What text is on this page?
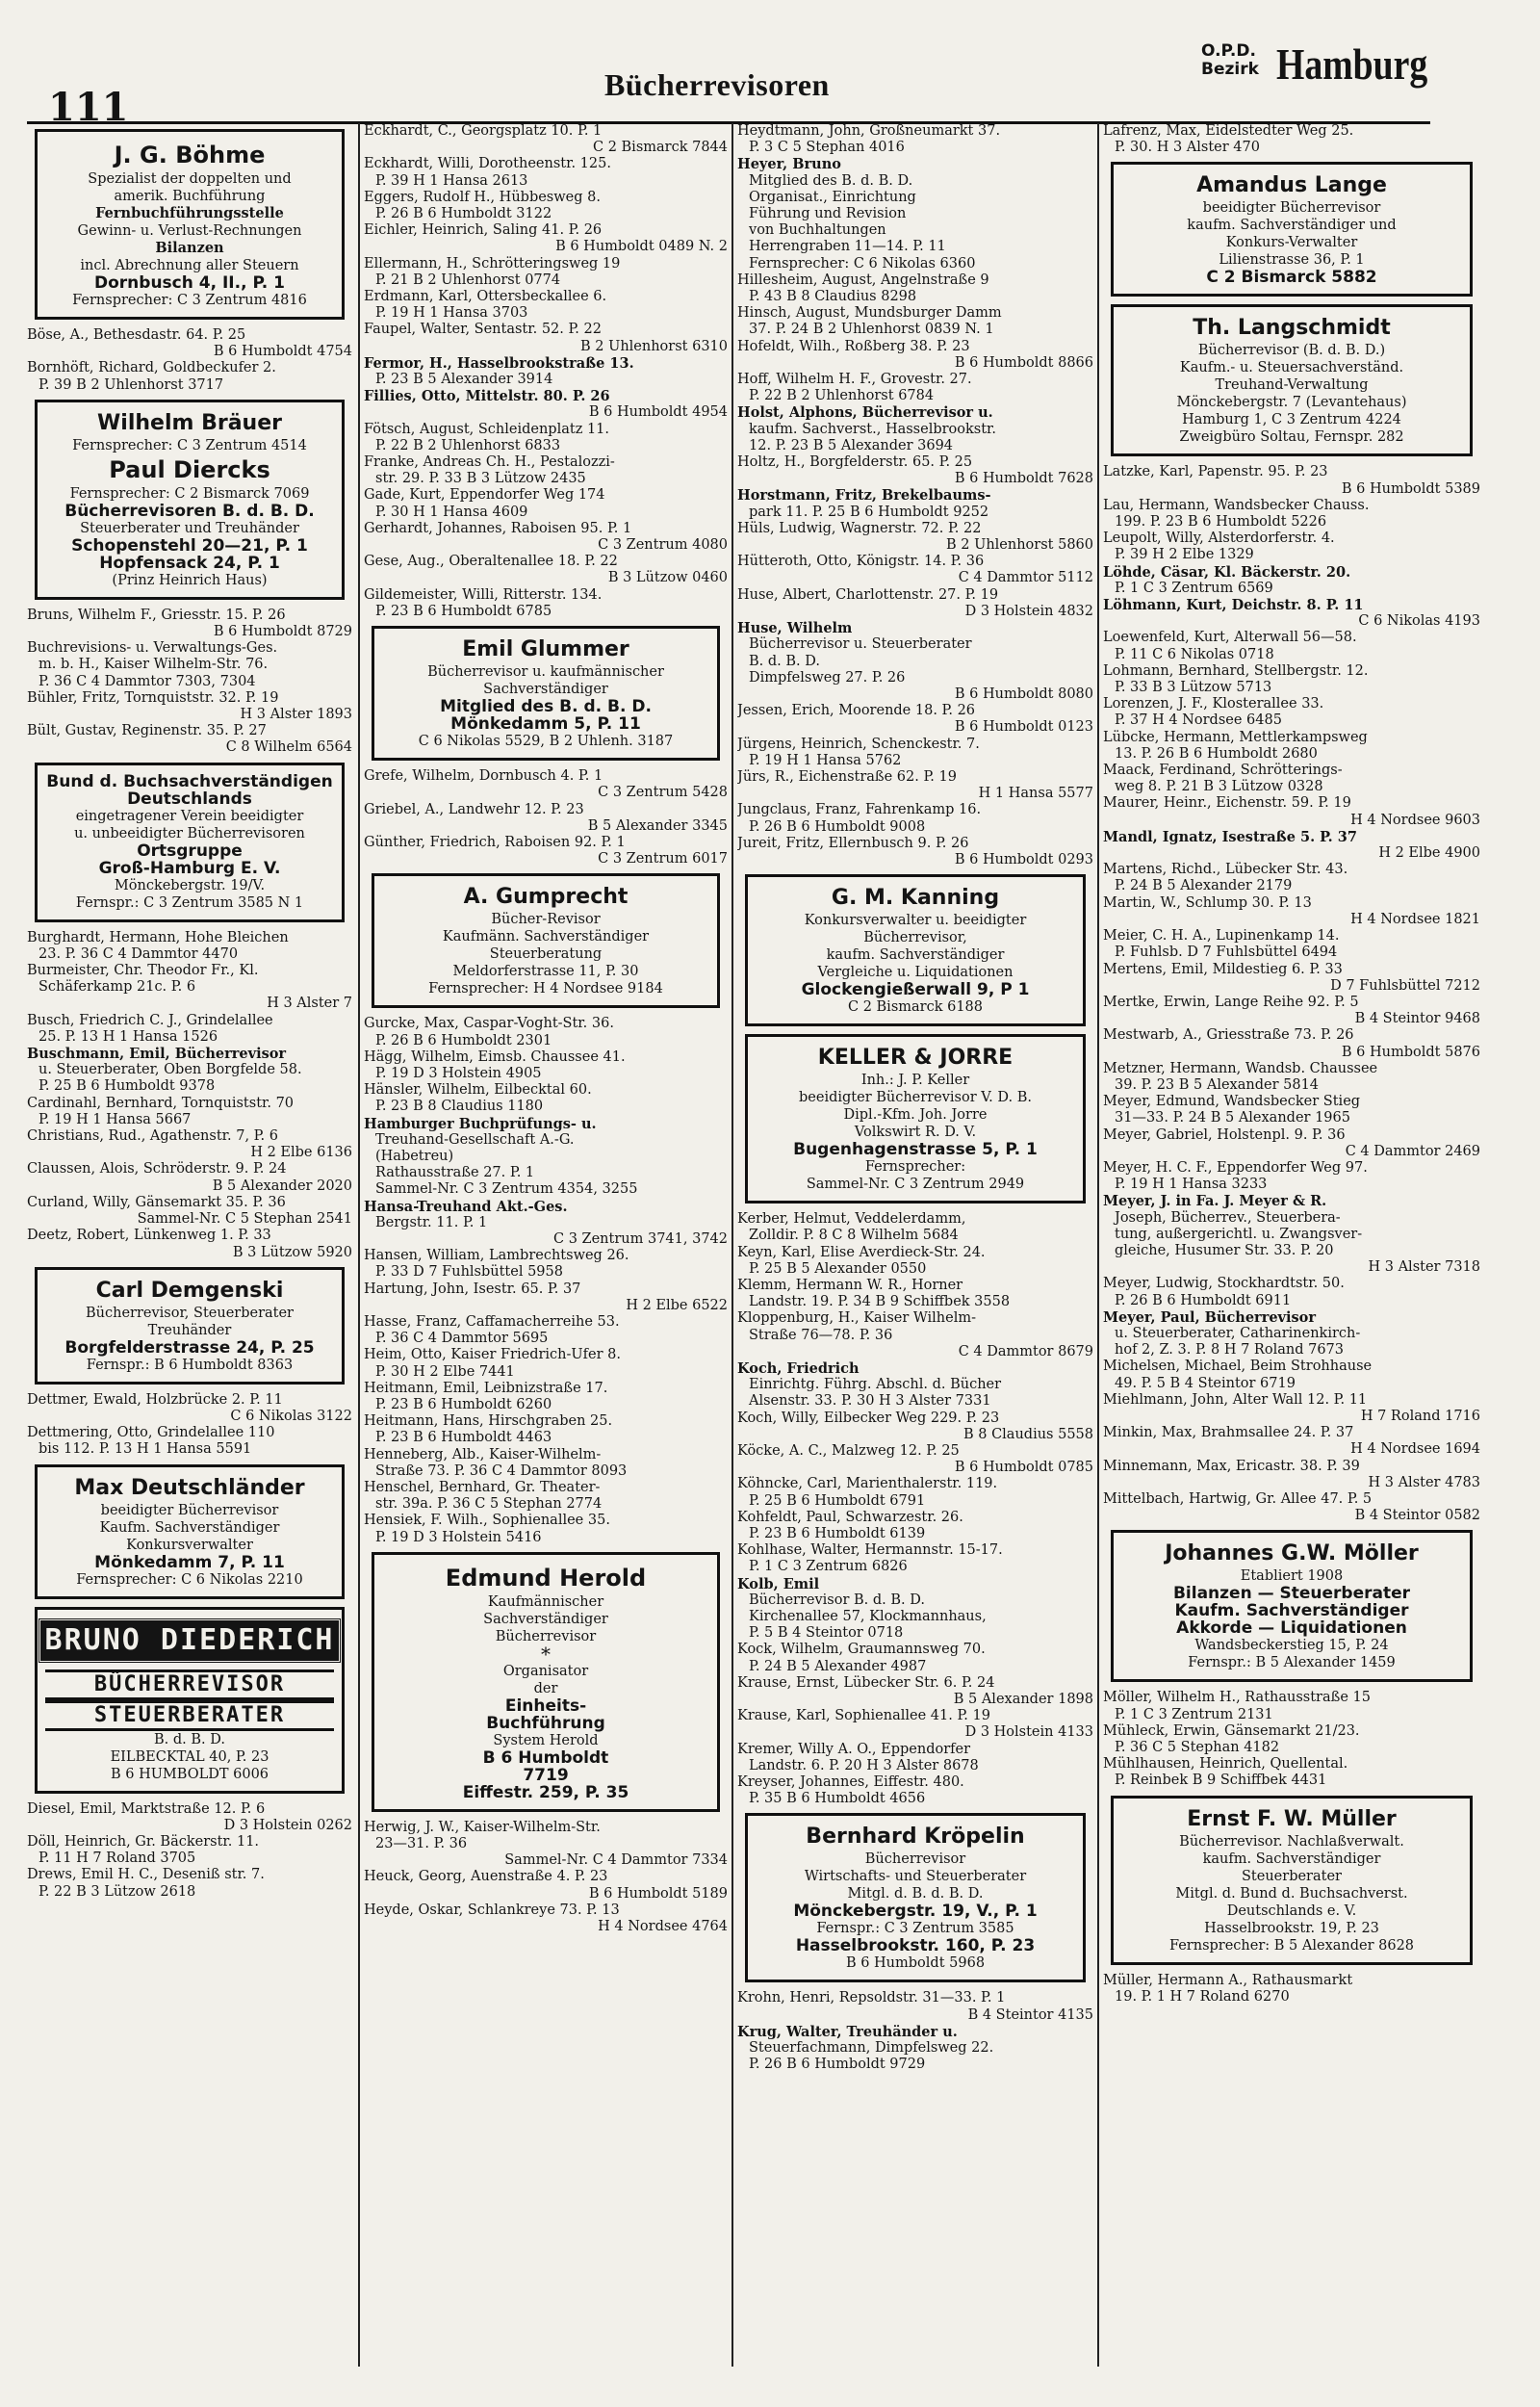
111	Bücherrevisoren
O.P.D.
Bezirk Hamburg
J. G. Böhme
Spezialist der doppelten und
amerik. Buchführung
Fernbuchführungsstelle
Gewinn- u. Verlust-Rechnungen
Bilanzen
incl. Abrechnung aller Steuern
Dornbusch 4, II., P. 1
Fernsprecher: C 3 Zentrum 4816
Böse, A., Bethesdastr. 64. P. 25
B 6 Humboldt 4754
Bornhöft, Richard, Goldbeckufer 2.
P. 39 B 2 Uhlenhorst 3717
Wilhelm Bräuer
Fernsprecher: C 3 Zentrum 4514
Paul Diercks
Fernsprecher: C 2 Bismarck 7069
Bücherrevisoren B. d. B. D.
Steuerberater und Treuhänder
Schopenstehl 20—21, P. 1
Hopfensack 24, P. 1
(Prinz Heinrich Haus)
Bruns, Wilhelm F., Griesstr. 15. P. 26
B 6 Humboldt 8729
Buchrevisions- u. Verwaltungs-Ges.
m. b. H., Kaiser Wilhelm-Str. 76.
P. 36 C 4 Dammtor 7303, 7304
Bühler, Fritz, Tornquiststr. 32. P. 19
H 3 Alster 1893
Bült, Gustav, Reginenstr. 35. P. 27
C 8 Wilhelm 6564
Bund d. Buchsachverständigen
Deutschlands
eingetragener Verein beeidigter
u. unbeeidigter Bücherrevisoren
Ortsgruppe
Groß-Hamburg E. V.
Mönckebergstr. 19/V.
Fernspr.: C 3 Zentrum 3585 N 1
Burghardt, Hermann, Hohe Bleichen
23. P. 36 C 4 Dammtor 4470
Burmeister, Chr. Theodor Fr., Kl.
Schäferkamp 21c. P. 6
H 3 Alster 7
Busch, Friedrich C. J., Grindelallee
25. P. 13 H 1 Hansa 1526
Buschmann, Emil, Bücherrevisor
u. Steuerberater, Oben Borgfelde 58.
P. 25 B 6 Humboldt 9378
Cardinahl, Bernhard, Tornquiststr. 70
P. 19 H 1 Hansa 5667
Christians, Rud., Agathenstr. 7, P. 6
H 2 Elbe 6136
Claussen, Alois, Schröderstr. 9. P. 24
B 5 Alexander 2020
Curland, Willy, Gänsemarkt 35. P. 36
Sammel-Nr. C 5 Stephan 2541
Deetz, Robert, Lünkenweg 1. P. 33
B 3 Lützow 5920
Carl Demgenski
Bücherrevisor, Steuerberater
Treuhänder
Borgfelderstrasse 24, P. 25
Fernspr.: B 6 Humboldt 8363
Dettmer, Ewald, Holzbrücke 2. P. 11
C 6 Nikolas 3122
Dettmering, Otto, Grindelallee 110
bis 112. P. 13 H 1 Hansa 5591
Max Deutschländer
beeidigter Bücherrevisor
Kaufm. Sachverständiger
Konkursverwalter
Mönkedamm 7, P. 11
Fernsprecher: C 6 Nikolas 2210
BRUNO DIEDERICH
BÜCHERREVISOR
STEUERBERATER
B. d. B. D.
EILBECKTAL 40, P. 23
B 6 HUMBOLDT 6006
Diesel, Emil, Marktstraße 12. P. 6
D 3 Holstein 0262
Döll, Heinrich, Gr. Bäckerstr. 11.
P. 11 H 7 Roland 3705
Drews, Emil H. C., Deseniß str. 7.
P. 22 B 3 Lützow 2618
Eckhardt, C., Georgsplatz 10. P. 1
C 2 Bismarck 7844
Eckhardt, Willi, Dorotheenstr. 125.
P. 39 H 1 Hansa 2613
Eggers, Rudolf H., Hübbesweg 8.
P. 26 B 6 Humboldt 3122
Eichler, Heinrich, Saling 41. P. 26
B 6 Humboldt 0489 N. 2
Ellermann, H., Schrötteringsweg 19
P. 21 B 2 Uhlenhorst 0774
Erdmann, Karl, Ottersbeckallee 6.
P. 19 H 1 Hansa 3703
Faupel, Walter, Sentastr. 52. P. 22
B 2 Uhlenhorst 6310
Fermor, H., Hasselbrookstraße 13.
P. 23 B 5 Alexander 3914
Fillies, Otto, Mittelstr. 80. P. 26
B 6 Humboldt 4954
Fötsch, August, Schleidenplatz 11.
P. 22 B 2 Uhlenhorst 6833
Franke, Andreas Ch. H., Pestalozzi-
str. 29. P. 33 B 3 Lützow 2435
Gade, Kurt, Eppendorfer Weg 174
P. 30 H 1 Hansa 4609
Gerhardt, Johannes, Raboisen 95. P. 1
C 3 Zentrum 4080
Gese, Aug., Oberaltenallee 18. P. 22
B 3 Lützow 0460
Gildemeister, Willi, Ritterstr. 134.
P. 23 B 6 Humboldt 6785
Emil Glummer
Bücherrevisor u. kaufmännischer
Sachverständiger
Mitglied des B. d. B. D.
Mönkedamm 5, P. 11
C 6 Nikolas 5529, B 2 Uhlenh. 3187
Grefe, Wilhelm, Dornbusch 4. P. 1
C 3 Zentrum 5428
Griebel, A., Landwehr 12. P. 23
B 5 Alexander 3345
Günther, Friedrich, Raboisen 92. P. 1
C 3 Zentrum 6017
A. Gumprecht
Bücher-Revisor
Kaufmänn. Sachverständiger
Steuerberatung
Meldorferstrasse 11, P. 30
Fernsprecher: H 4 Nordsee 9184
Gurcke, Max, Caspar-Voght-Str. 36.
P. 26 B 6 Humboldt 2301
Hägg, Wilhelm, Eimsb. Chaussee 41.
P. 19 D 3 Holstein 4905
Hänsler, Wilhelm, Eilbecktal 60.
P. 23 B 8 Claudius 1180
Hamburger Buchprüfungs- u.
Treuhand-Gesellschaft A.-G.
(Habetreu)
Rathausstraße 27. P. 1
Sammel-Nr. C 3 Zentrum 4354, 3255
Hansa-Treuhand Akt.-Ges.
Bergstr. 11. P. 1
C 3 Zentrum 3741, 3742
Hansen, William, Lambrechtsweg 26.
P. 33 D 7 Fuhlsbüttel 5958
Hartung, John, Isestr. 65. P. 37
H 2 Elbe 6522
Hasse, Franz, Caffamacherreihe 53.
P. 36 C 4 Dammtor 5695
Heim, Otto, Kaiser Friedrich-Ufer 8.
P. 30 H 2 Elbe 7441
Heitmann, Emil, Leibnizstraße 17.
P. 23 B 6 Humboldt 6260
Heitmann, Hans, Hirschgraben 25.
P. 23 B 6 Humboldt 4463
Henneberg, Alb., Kaiser-Wilhelm-
Straße 73. P. 36 C 4 Dammtor 8093
Henschel, Bernhard, Gr. Theater-
str. 39a. P. 36 C 5 Stephan 2774
Hensiek, F. Wilh., Sophienallee 35.
P. 19 D 3 Holstein 5416
Edmund Herold
Kaufmännischer
Sachverständiger
Bücherrevisor
*
Organisator
der
Einheits-
Buchführung
System Herold
B 6 Humboldt
7719
Eiffestr. 259, P. 35
Herwig, J. W., Kaiser-Wilhelm-Str.
23—31. P. 36
Sammel-Nr. C 4 Dammtor 7334
Heuck, Georg, Auenstraße 4. P. 23
B 6 Humboldt 5189
Heyde, Oskar, Schlankreye 73. P. 13
H 4 Nordsee 4764
Heydtmann, John, Großneumarkt 37.
P. 3 C 5 Stephan 4016
Heyer, Bruno
Mitglied des B. d. B. D.
Organisat., Einrichtung
Führung und Revision
von Buchhaltungen
Herrengraben 11—14. P. 11
Fernsprecher: C 6 Nikolas 6360
Hillesheim, August, Angelnstraße 9
P. 43 B 8 Claudius 8298
Hinsch, August, Mundsburger Damm
37. P. 24 B 2 Uhlenhorst 0839 N. 1
Hofeldt, Wilh., Roßberg 38. P. 23
B 6 Humboldt 8866
Hoff, Wilhelm H. F., Grovestr. 27.
P. 22 B 2 Uhlenhorst 6784
Holst, Alphons, Bücherrevisor u.
kaufm. Sachverst., Hasselbrookstr.
12. P. 23 B 5 Alexander 3694
Holtz, H., Borgfelderstr. 65. P. 25
B 6 Humboldt 7628
Horstmann, Fritz, Brekelbaums-
park 11. P. 25 B 6 Humboldt 9252
Hüls, Ludwig, Wagnerstr. 72. P. 22
B 2 Uhlenhorst 5860
Hütteroth, Otto, Königstr. 14. P. 36
C 4 Dammtor 5112
Huse, Albert, Charlottenstr. 27. P. 19
D 3 Holstein 4832
Huse, Wilhelm
Bücherrevisor u. Steuerberater
B. d. B. D.
Dimpfelsweg 27. P. 26
B 6 Humboldt 8080
Jessen, Erich, Moorende 18. P. 26
B 6 Humboldt 0123
Jürgens, Heinrich, Schenckestr. 7.
P. 19 H 1 Hansa 5762
Jürs, R., Eichenstraße 62. P. 19
H 1 Hansa 5577
Jungclaus, Franz, Fahrenkamp 16.
P. 26 B 6 Humboldt 9008
Jureit, Fritz, Ellernbusch 9. P. 26
B 6 Humboldt 0293
G. M. Kanning
Konkursverwalter u. beeidigter
Bücherrevisor,
kaufm. Sachverständiger
Vergleiche u. Liquidationen
Glockengießerwall 9, P 1
C 2 Bismarck 6188
KELLER & JORRE
Inh.: J. P. Keller
beeidigter Bücherrevisor V. D. B.
Dipl.-Kfm. Joh. Jorre
Volkswirt R. D. V.
Bugenhagenstrasse 5, P. 1
Fernsprecher:
Sammel-Nr. C 3 Zentrum 2949
Kerber, Helmut, Veddelerdamm,
Zolldir. P. 8 C 8 Wilhelm 5684
Keyn, Karl, Elise Averdieck-Str. 24.
P. 25 B 5 Alexander 0550
Klemm, Hermann W. R., Horner
Landstr. 19. P. 34 B 9 Schiffbek 3558
Kloppenburg, H., Kaiser Wilhelm-
Straße 76—78. P. 36
C 4 Dammtor 8679
Koch, Friedrich
Einrichtg. Führg. Abschl. d. Bücher
Alsenstr. 33. P. 30 H 3 Alster 7331
Koch, Willy, Eilbecker Weg 229. P. 23
B 8 Claudius 5558
Köcke, A. C., Malzweg 12. P. 25
B 6 Humboldt 0785
Köhncke, Carl, Marienthalerstr. 119.
P. 25 B 6 Humboldt 6791
Kohfeldt, Paul, Schwarzestr. 26.
P. 23 B 6 Humboldt 6139
Kohlhase, Walter, Hermannstr. 15-17.
P. 1 C 3 Zentrum 6826
Kolb, Emil
Bücherrevisor B. d. B. D.
Kirchenallee 57, Klockmannhaus,
P. 5 B 4 Steintor 0718
Kock, Wilhelm, Graumannsweg 70.
P. 24 B 5 Alexander 4987
Krause, Ernst, Lübecker Str. 6. P. 24
B 5 Alexander 1898
Krause, Karl, Sophienallee 41. P. 19
D 3 Holstein 4133
Kremer, Willy A. O., Eppendorfer
Landstr. 6. P. 20 H 3 Alster 8678
Kreyser, Johannes, Eiffestr. 480.
P. 35 B 6 Humboldt 4656
Bernhard Kröpelin
Bücherrevisor
Wirtschafts- und Steuerberater
Mitgl. d. B. d. B. D.
Mönckebergstr. 19, V., P. 1
Fernspr.: C 3 Zentrum 3585
Hasselbrookstr. 160, P. 23
B 6 Humboldt 5968
Krohn, Henri, Repsoldstr. 31—33. P. 1
B 4 Steintor 4135
Krug, Walter, Treuhänder u.
Steuerfachmann, Dimpfelsweg 22.
P. 26 B 6 Humboldt 9729
Lafrenz, Max, Eidelstedter Weg 25.
P. 30. H 3 Alster 470
Amandus Lange
beeidigter Bücherrevisor
kaufm. Sachverständiger und
Konkurs-Verwalter
Lilienstrasse 36, P. 1
C 2 Bismarck 5882
Th. Langschmidt
Bücherrevisor (B. d. B. D.)
Kaufm.- u. Steuersachverständ.
Treuhand-Verwaltung
Mönckebergstr. 7 (Levantehaus)
Hamburg 1, C 3 Zentrum 4224
Zweigbüro Soltau, Fernspr. 282
Latzke, Karl, Papenstr. 95. P. 23
B 6 Humboldt 5389
Lau, Hermann, Wandsbecker Chauss.
199. P. 23 B 6 Humboldt 5226
Leupolt, Willy, Alsterdorferstr. 4.
P. 39 H 2 Elbe 1329
Löhde, Cäsar, Kl. Bäckerstr. 20.
P. 1 C 3 Zentrum 6569
Löhmann, Kurt, Deichstr. 8. P. 11
C 6 Nikolas 4193
Loewenfeld, Kurt, Alterwall 56—58.
P. 11 C 6 Nikolas 0718
Lohmann, Bernhard, Stellbergstr. 12.
P. 33 B 3 Lützow 5713
Lorenzen, J. F., Klosterallee 33.
P. 37 H 4 Nordsee 6485
Lübcke, Hermann, Mettlerkampsweg
13. P. 26 B 6 Humboldt 2680
Maack, Ferdinand, Schrötterings-
weg 8. P. 21 B 3 Lützow 0328
Maurer, Heinr., Eichenstr. 59. P. 19
H 4 Nordsee 9603
Mandl, Ignatz, Isestraße 5. P. 37
H 2 Elbe 4900
Martens, Richd., Lübecker Str. 43.
P. 24 B 5 Alexander 2179
Martin, W., Schlump 30. P. 13
H 4 Nordsee 1821
Meier, C. H. A., Lupinenkamp 14.
P. Fuhlsb. D 7 Fuhlsbüttel 6494
Mertens, Emil, Mildestieg 6. P. 33
D 7 Fuhlsbüttel 7212
Mertke, Erwin, Lange Reihe 92. P. 5
B 4 Steintor 9468
Mestwarb, A., Griesstraße 73. P. 26
B 6 Humboldt 5876
Metzner, Hermann, Wandsb. Chaussee
39. P. 23 B 5 Alexander 5814
Meyer, Edmund, Wandsbecker Stieg
31—33. P. 24 B 5 Alexander 1965
Meyer, Gabriel, Holstenpl. 9. P. 36
C 4 Dammtor 2469
Meyer, H. C. F., Eppendorfer Weg 97.
P. 19 H 1 Hansa 3233
Meyer, J. in Fa. J. Meyer & R.
Joseph, Bücherrev., Steuerbera-
tung, außergerichtl. u. Zwangsver-
gleiche, Husumer Str. 33. P. 20
H 3 Alster 7318
Meyer, Ludwig, Stockhardtstr. 50.
P. 26 B 6 Humboldt 6911
Meyer, Paul, Bücherrevisor
u. Steuerberater, Catharinenkirch-
hof 2, Z. 3. P. 8 H 7 Roland 7673
Michelsen, Michael, Beim Strohhause
49. P. 5 B 4 Steintor 6719
Miehlmann, John, Alter Wall 12. P. 11
H 7 Roland 1716
Minkin, Max, Brahmsallee 24. P. 37
H 4 Nordsee 1694
Minnemann, Max, Ericastr. 38. P. 39
H 3 Alster 4783
Mittelbach, Hartwig, Gr. Allee 47. P. 5
B 4 Steintor 0582
Johannes G.W. Möller
Etabliert 1908
Bilanzen — Steuerberater
Kaufm. Sachverständiger
Akkorde — Liquidationen
Wandsbeckerstieg 15, P. 24
Fernspr.: B 5 Alexander 1459
Möller, Wilhelm H., Rathausstraße 15
P. 1 C 3 Zentrum 2131
Mühleck, Erwin, Gänsemarkt 21/23.
P. 36 C 5 Stephan 4182
Mühlhausen, Heinrich, Quellental.
P. Reinbek B 9 Schiffbek 4431
Ernst F. W. Müller
Bücherrevisor. Nachlaßverwalt.
kaufm. Sachverständiger
Steuerberater
Mitgl. d. Bund d. Buchsachverst.
Deutschlands e. V.
Hasselbrookstr. 19, P. 23
Fernsprecher: B 5 Alexander 8628
Müller, Hermann A., Rathausmarkt
19. P. 1 H 7 Roland 6270
